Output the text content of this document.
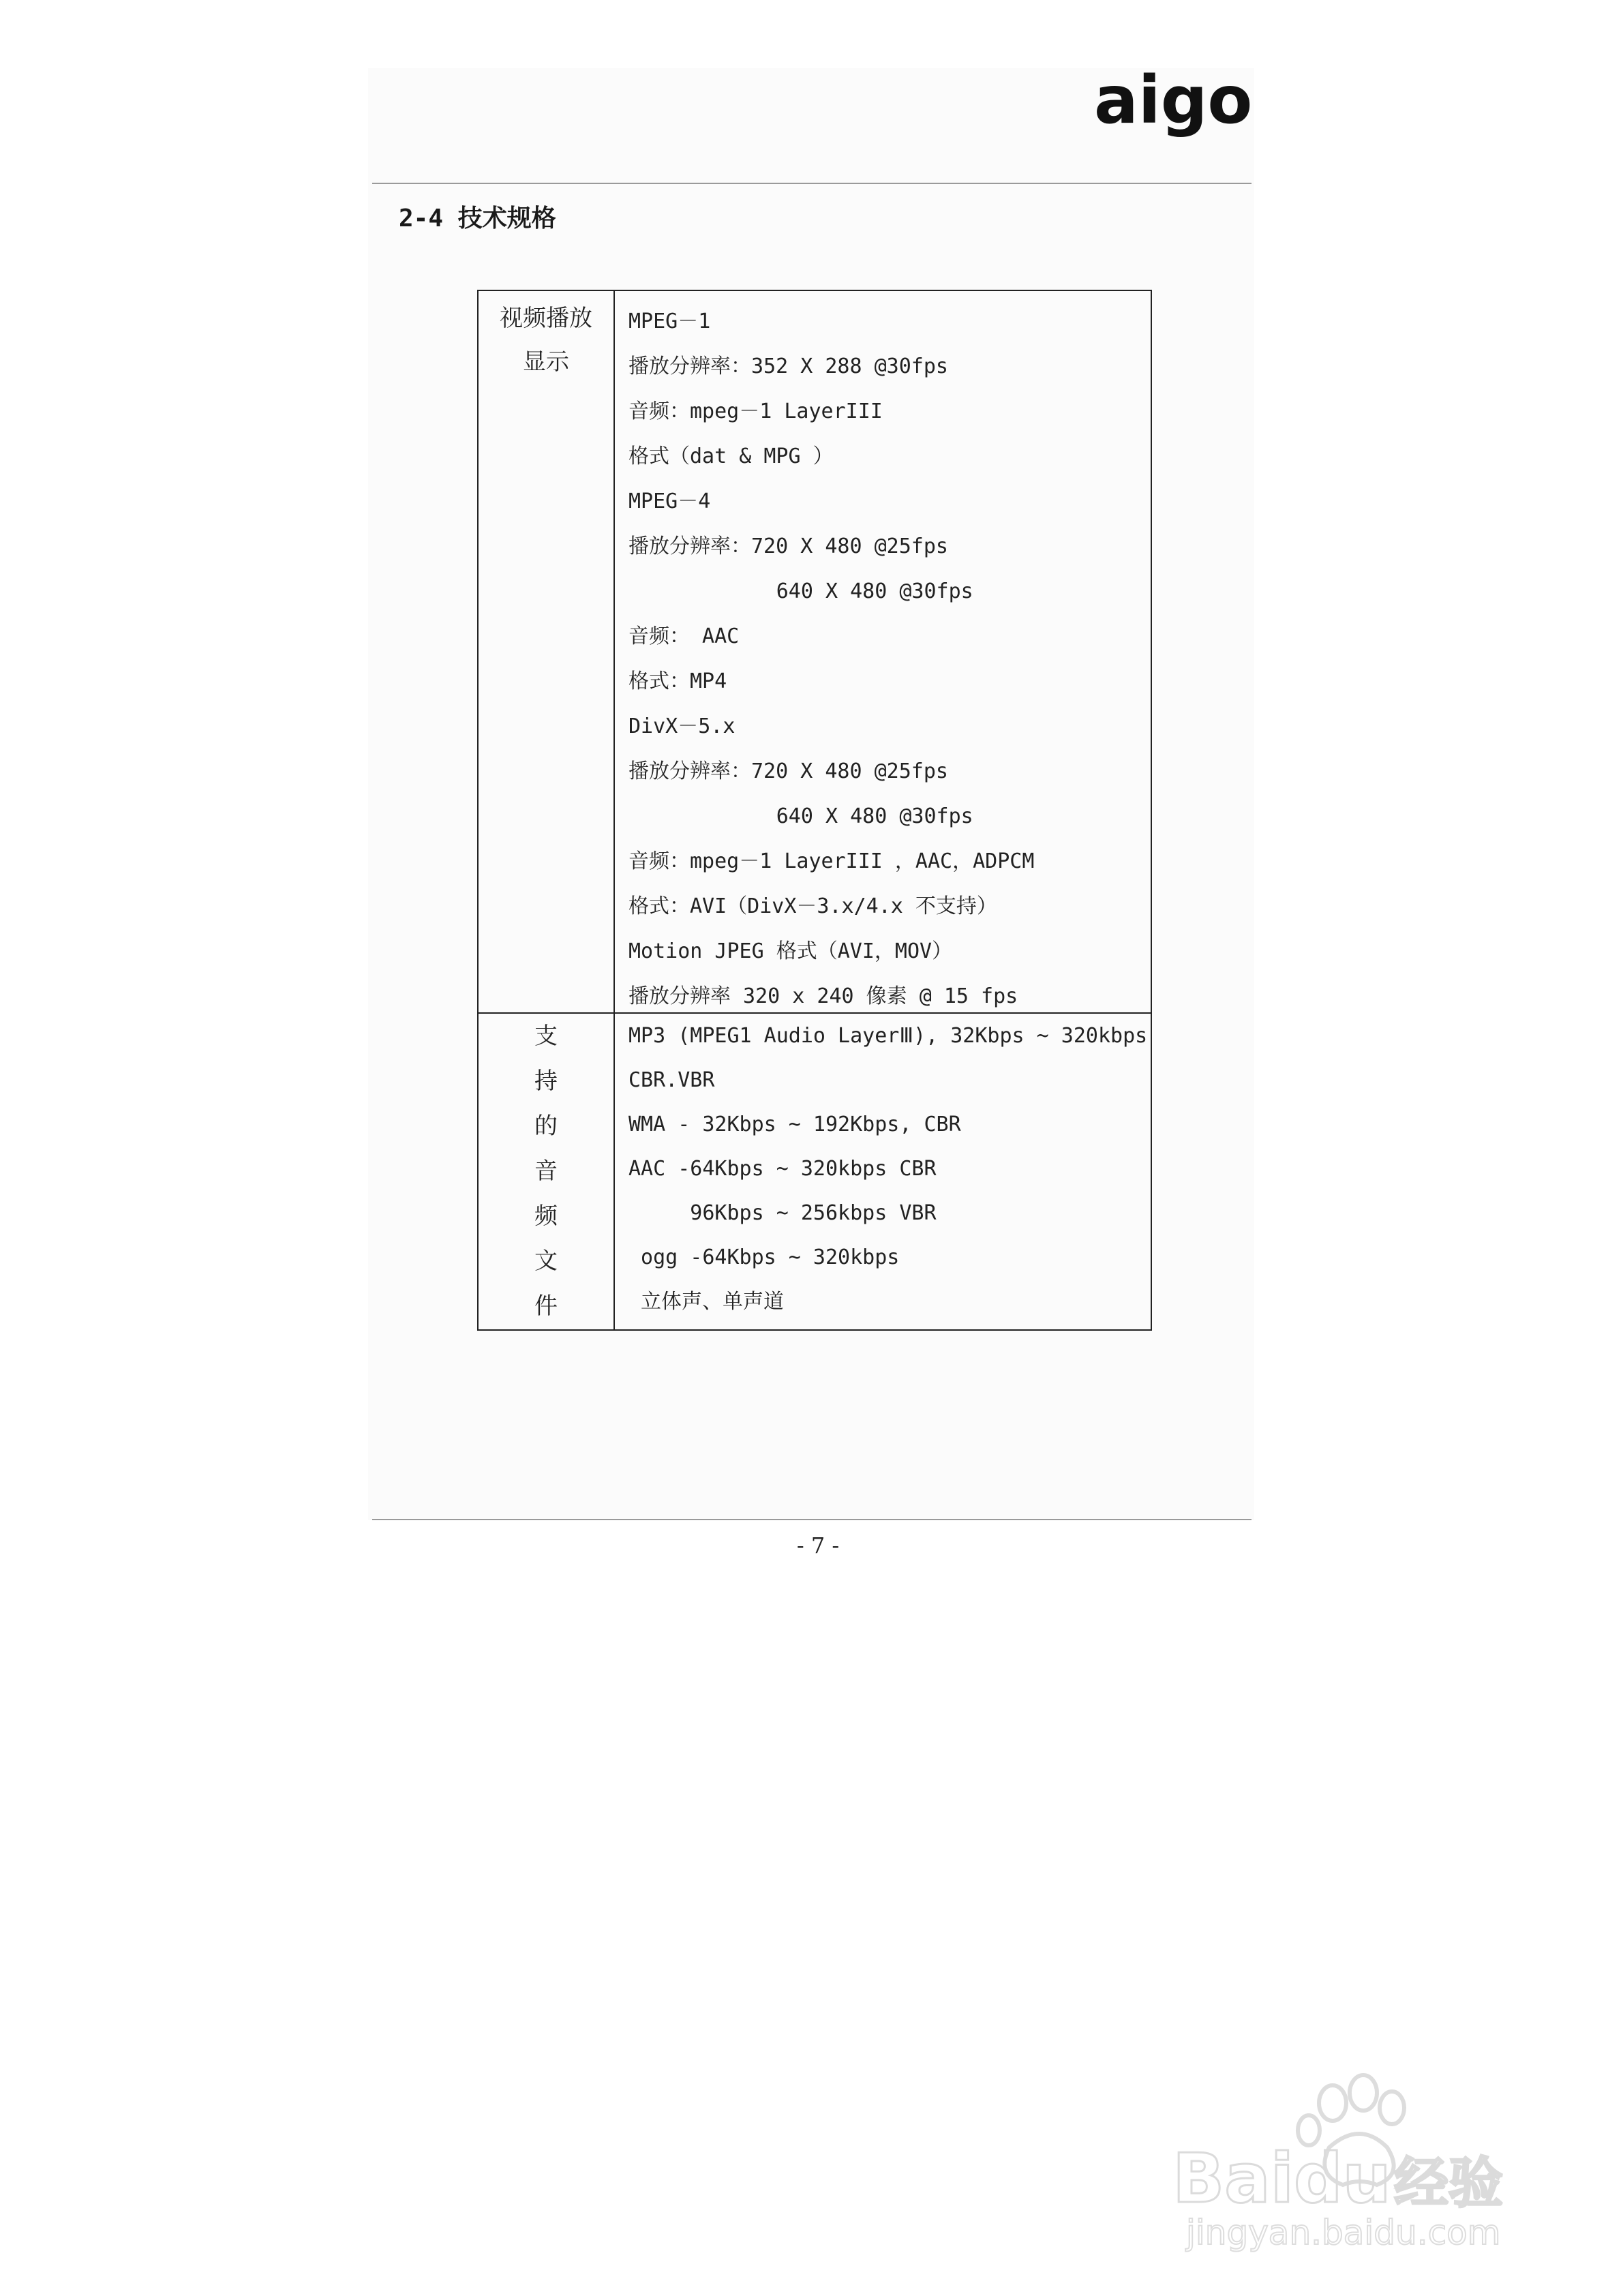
aigo
2-4 技术规格
视频播放
显示
MPEG－1
播放分辨率：352 X 288 @30fps
音频：mpeg－1 LayerIII
格式（dat & MPG ）
MPEG－4
播放分辨率：720 X 480 @25fps
640 X 480 @30fps
音频： AAC
格式：MP4
DivX－5.x
播放分辨率：720 X 480 @25fps
640 X 480 @30fps
音频：mpeg－1 LayerIII ，AAC，ADPCM
格式：AVI（DivX－3.x/4.x 不支持）
Motion JPEG 格式（AVI，MOV）
播放分辨率 320 x 240 像素 @ 15 fps
支
持
的
音
频
文
件
MP3 (MPEG1 Audio LayerⅢ), 32Kbps ~ 320kbps
CBR.VBR
WMA - 32Kbps ~ 192Kbps, CBR
AAC -64Kbps ~ 320kbps CBR
96Kbps ~ 256kbps VBR
ogg -64Kbps ~ 320kbps
立体声、单声道
- 7 -
Baidu 经验
jingyan.baidu.com
